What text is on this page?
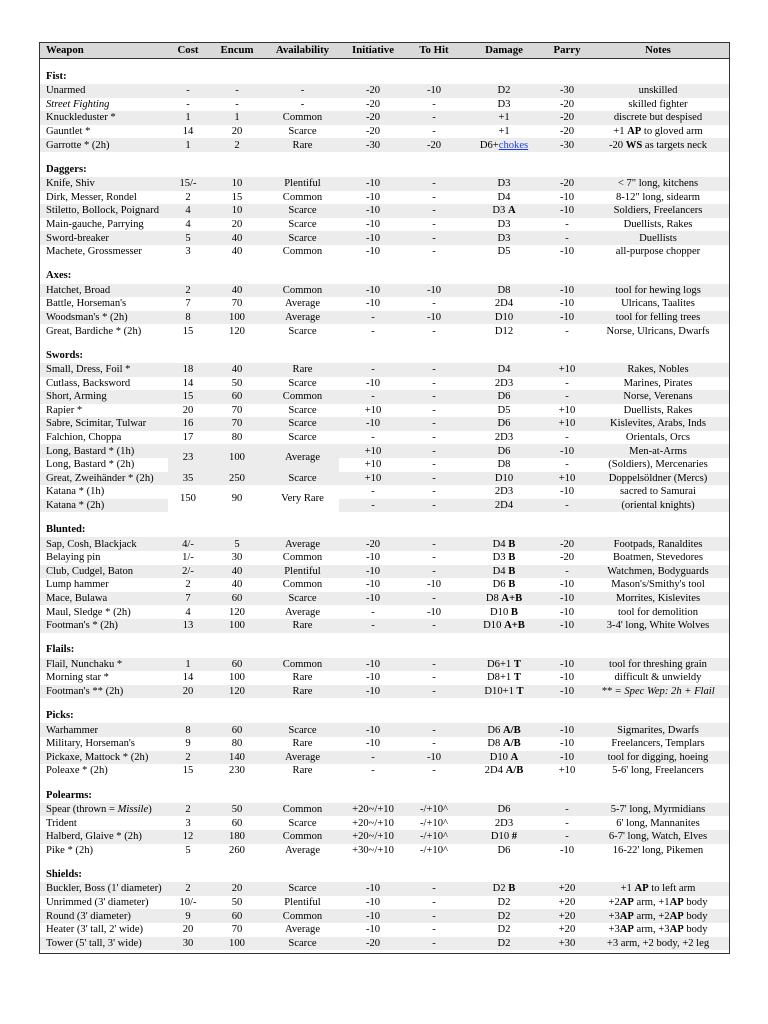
Weapon	Cost	Encum	Availability	Initiative	To Hit	Damage	Parry	Notes

Fist:								
Unarmed	-	-	-	-20	-10	D2	-30	unskilled
Street Fighting	-	-	-	-20	-	D3	-20	skilled fighter
Knuckleduster *	1	1	Common	-20	-	+1	-20	discrete but despised
Gauntlet *	14	20	Scarce	-20	-	+1	-20	+1 AP to gloved arm
Garrotte * (2h)	1	2	Rare	-30	-20	D6+chokes	-30	-20 WS as targets neck

Daggers:								
Knife, Shiv	15/-	10	Plentiful	-10	-	D3	-20	< 7" long, kitchens
Dirk, Messer, Rondel	2	15	Common	-10	-	D4	-10	8-12" long, sidearm
Stiletto, Bollock, Poignard	4	10	Scarce	-10	-	D3 A	-10	Soldiers, Freelancers
Main-gauche, Parrying	4	20	Scarce	-10	-	D3	-	Duellists, Rakes
Sword-breaker	5	40	Scarce	-10	-	D3	-	Duellists
Machete, Grossmesser	3	40	Common	-10	-	D5	-10	all-purpose chopper

Axes:								
Hatchet, Broad	2	40	Common	-10	-10	D8	-10	tool for hewing logs
Battle, Horseman's	7	70	Average	-10	-	2D4	-10	Ulricans, Taalites
Woodsman's * (2h)	8	100	Average	-	-10	D10	-10	tool for felling trees
Great, Bardiche * (2h)	15	120	Scarce	-	-	D12	-	Norse, Ulricans, Dwarfs

Swords:								
Small, Dress, Foil *	18	40	Rare	-	-	D4	+10	Rakes, Nobles
Cutlass, Backsword	14	50	Scarce	-10	-	2D3	-	Marines, Pirates
Short, Arming	15	60	Common	-	-	D6	-	Norse, Verenans
Rapier *	20	70	Scarce	+10	-	D5	+10	Duellists, Rakes
Sabre, Scimitar, Tulwar	16	70	Scarce	-10	-	D6	+10	Kislevites, Arabs, Inds
Falchion, Choppa	17	80	Scarce	-	-	2D3	-	Orientals, Orcs
Long, Bastard * (1h)	23	100	Average	+10	-	D6	-10	Men-at-Arms
Long, Bastard * (2h)				+10	-	D8	-	(Soldiers), Mercenaries
Great, Zweihänder * (2h)	35	250	Scarce	+10	-	D10	+10	Doppelsöldner (Mercs)
Katana * (1h)	150	90	Very Rare	-	-	2D3	-10	sacred to Samurai
Katana * (2h)				-	-	2D4	-	(oriental knights)

Blunted:								
Sap, Cosh, Blackjack	4/-	5	Average	-20	-	D4 B	-20	Footpads, Ranaldites
Belaying pin	1/-	30	Common	-10	-	D3 B	-20	Boatmen, Stevedores
Club, Cudgel, Baton	2/-	40	Plentiful	-10	-	D4 B	-	Watchmen, Bodyguards
Lump hammer	2	40	Common	-10	-10	D6 B	-10	Mason's/Smithy's tool
Mace, Bulawa	7	60	Scarce	-10	-	D8 A+B	-10	Morrites, Kislevites
Maul, Sledge * (2h)	4	120	Average	-	-10	D10 B	-10	tool for demolition
Footman's * (2h)	13	100	Rare	-	-	D10 A+B	-10	3-4' long, White Wolves

Flails:								
Flail, Nunchaku *	1	60	Common	-10	-	D6+1 T	-10	tool for threshing grain
Morning star *	14	100	Rare	-10	-	D8+1 T	-10	difficult & unwieldy
Footman's ** (2h)	20	120	Rare	-10	-	D10+1 T	-10	** = Spec Wep: 2h + Flail

Picks:								
Warhammer	8	60	Scarce	-10	-	D6 A/B	-10	Sigmarites, Dwarfs
Military, Horseman's	9	80	Rare	-10	-	D8 A/B	-10	Freelancers, Templars
Pickaxe, Mattock * (2h)	2	140	Average	-	-10	D10 A	-10	tool for digging, hoeing
Poleaxe * (2h)	15	230	Rare	-	-	2D4 A/B	+10	5-6' long, Freelancers

Polearms:								
Spear (thrown = Missile)	2	50	Common	+20~/+10	-/+10^	D6	-	5-7' long, Myrmidians
Trident	3	60	Scarce	+20~/+10	-/+10^	2D3	-	6' long, Mannanites
Halberd, Glaive * (2h)	12	180	Common	+20~/+10	-/+10^	D10 #	-	6-7' long, Watch, Elves
Pike * (2h)	5	260	Average	+30~/+10	-/+10^	D6	-10	16-22' long, Pikemen

Shields:								
Buckler, Boss (1' diameter)	2	20	Scarce	-10	-	D2 B	+20	+1 AP to left arm
Unrimmed (3' diameter)	10/-	50	Plentiful	-10	-	D2	+20	+2AP arm, +1AP body
Round (3' diameter)	9	60	Common	-10	-	D2	+20	+3AP arm, +2AP body
Heater (3' tall, 2' wide)	20	70	Average	-10	-	D2	+20	+3AP arm, +3AP body
Tower (5' tall, 3' wide)	30	100	Scarce	-20	-	D2	+30	+3 arm, +2 body, +2 leg
